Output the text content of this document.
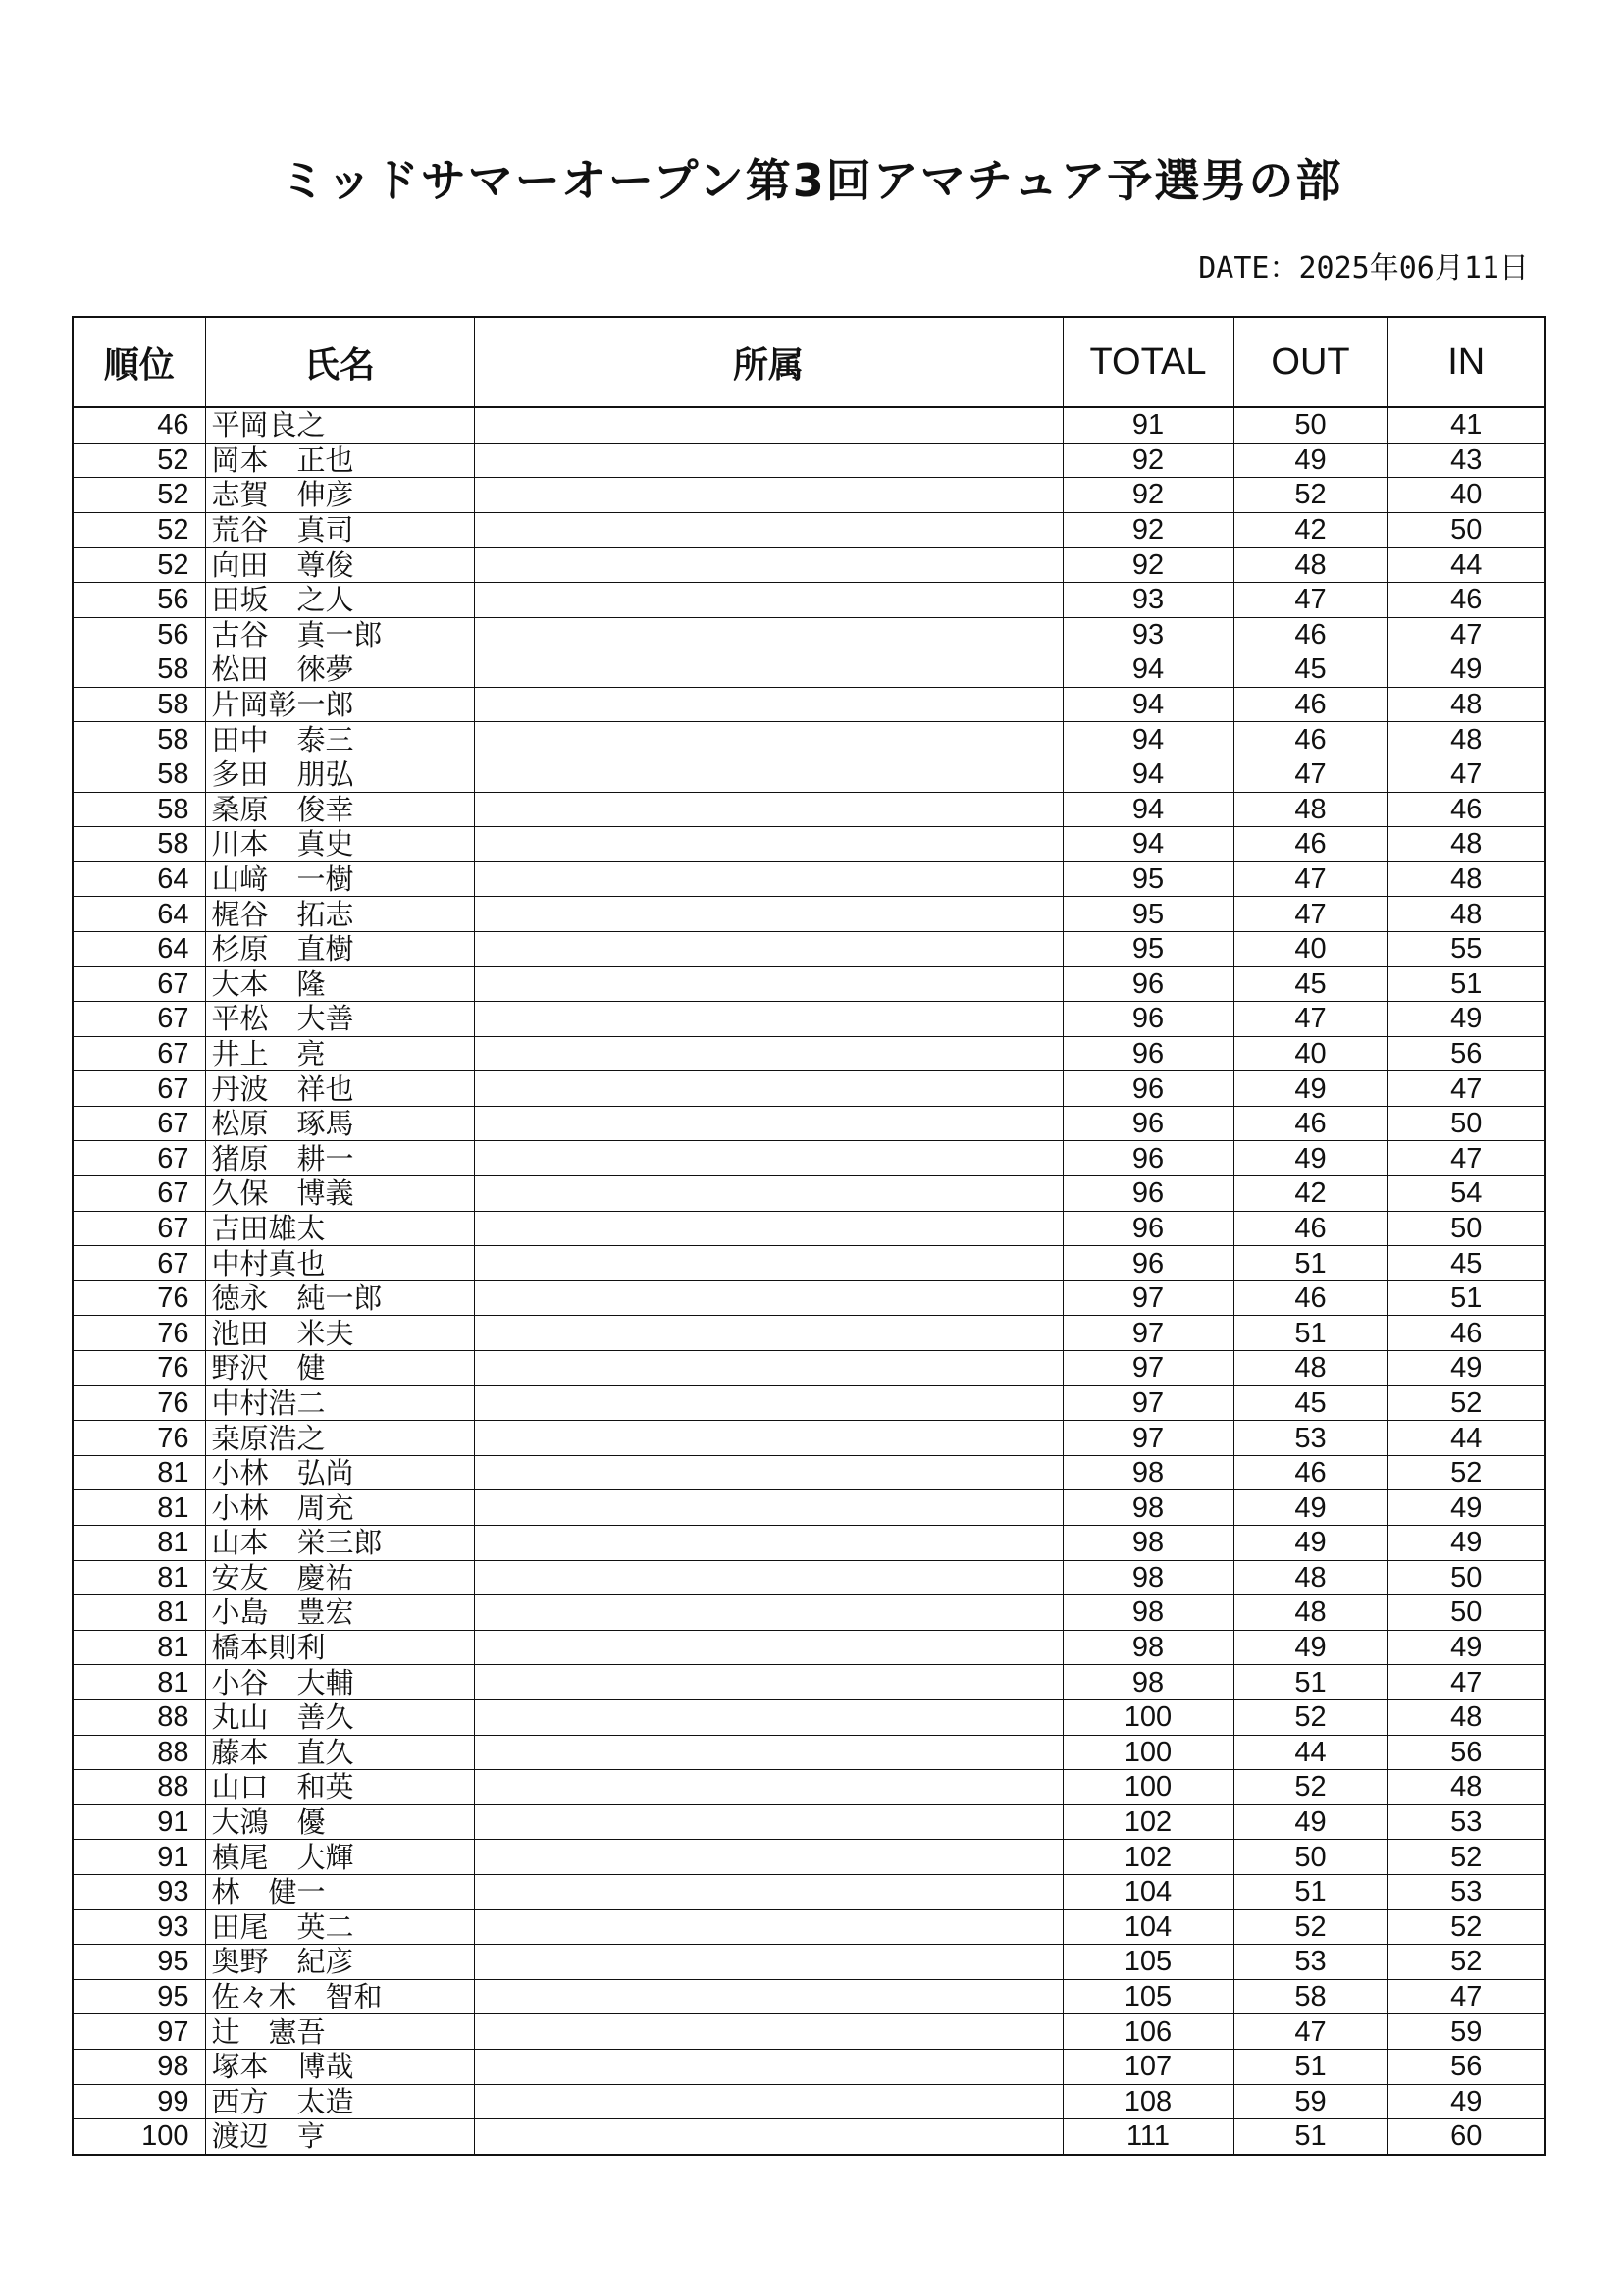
ミッドサマーオープン第3回アマチュア予選男の部
DATE：2025年06月11日
順位	氏名	所属	TOTAL	OUT	IN
46	平岡良之		91	50	41
52	岡本　正也		92	49	43
52	志賀　伸彦		92	52	40
52	荒谷　真司		92	42	50
52	向田　尊俊		92	48	44
56	田坂　之人		93	47	46
56	古谷　真一郎		93	46	47
58	松田　徠夢		94	45	49
58	片岡彰一郎		94	46	48
58	田中　泰三		94	46	48
58	多田　朋弘		94	47	47
58	桑原　俊幸		94	48	46
58	川本　真史		94	46	48
64	山﨑　一樹		95	47	48
64	梶谷　拓志		95	47	48
64	杉原　直樹		95	40	55
67	大本　隆		96	45	51
67	平松　大善		96	47	49
67	井上　亮		96	40	56
67	丹波　祥也		96	49	47
67	松原　琢馬		96	46	50
67	猪原　耕一		96	49	47
67	久保　博義		96	42	54
67	吉田雄太		96	46	50
67	中村真也		96	51	45
76	徳永　純一郎		97	46	51
76	池田　米夫		97	51	46
76	野沢　健		97	48	49
76	中村浩二		97	45	52
76	桒原浩之		97	53	44
81	小林　弘尚		98	46	52
81	小林　周充		98	49	49
81	山本　栄三郎		98	49	49
81	安友　慶祐		98	48	50
81	小島　豊宏		98	48	50
81	橋本則利		98	49	49
81	小谷　大輔		98	51	47
88	丸山　善久		100	52	48
88	藤本　直久		100	44	56
88	山口　和英		100	52	48
91	大鴻　優		102	49	53
91	槙尾　大輝		102	50	52
93	林　健一		104	51	53
93	田尾　英二		104	52	52
95	奥野　紀彦		105	53	52
95	佐々木　智和		105	58	47
97	辻　憲吾		106	47	59
98	塚本　博哉		107	51	56
99	西方　太造		108	59	49
100	渡辺　亨		111	51	60
